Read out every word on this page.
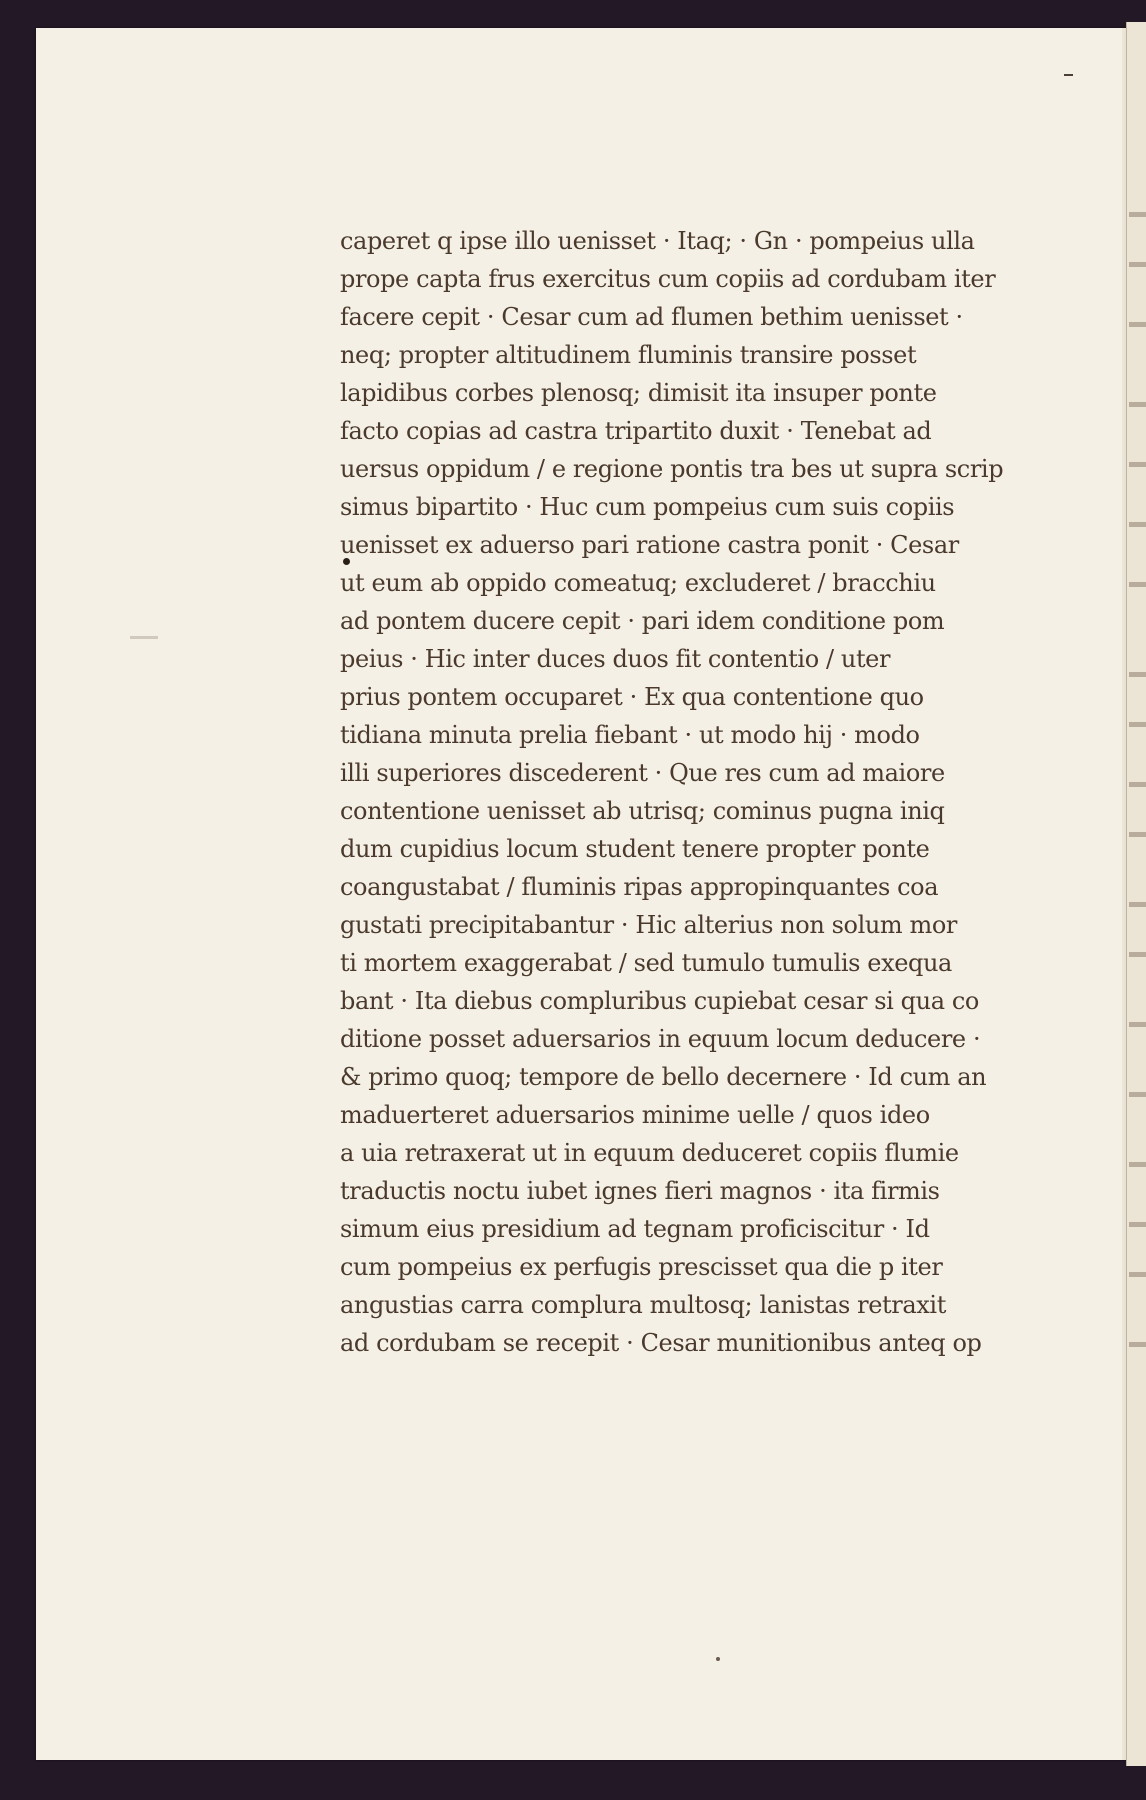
caperet q ipse illo uenisset · Itaq; · Gn · pompeius ulla
prope capta frus exercitus cum copiis ad cordubam iter
facere cepit · Cesar cum ad flumen bethim uenisset ·
neq; propter altitudinem fluminis transire posset
lapidibus corbes plenosq; dimisit ita insuper ponte
facto copias ad castra tripartito duxit · Tenebat ad
uersus oppidum / e regione pontis tra bes ut supra scrip
simus bipartito · Huc cum pompeius cum suis copiis
uenisset ex aduerso pari ratione castra ponit · Cesar
ut eum ab oppido comeatuq; excluderet / bracchiu
ad pontem ducere cepit · pari idem conditione pom
peius · Hic inter duces duos fit contentio / uter
prius pontem occuparet · Ex qua contentione quo
tidiana minuta prelia fiebant · ut modo hij · modo
illi superiores discederent · Que res cum ad maiore
contentione uenisset ab utrisq; cominus pugna iniq
dum cupidius locum student tenere propter ponte
coangustabat / fluminis ripas appropinquantes coa
gustati precipitabantur · Hic alterius non solum mor
ti mortem exaggerabat / sed tumulo tumulis exequa
bant · Ita diebus compluribus cupiebat cesar si qua co
ditione posset aduersarios in equum locum deducere ·
& primo quoq; tempore de bello decernere · Id cum an
maduerteret aduersarios minime uelle / quos ideo
a uia retraxerat ut in equum deduceret copiis flumie
traductis noctu iubet ignes fieri magnos · ita firmis
simum eius presidium ad tegnam proficiscitur · Id
cum pompeius ex perfugis prescisset qua die p iter
angustias carra complura multosq; lanistas retraxit
ad cordubam se recepit · Cesar munitionibus anteq op
